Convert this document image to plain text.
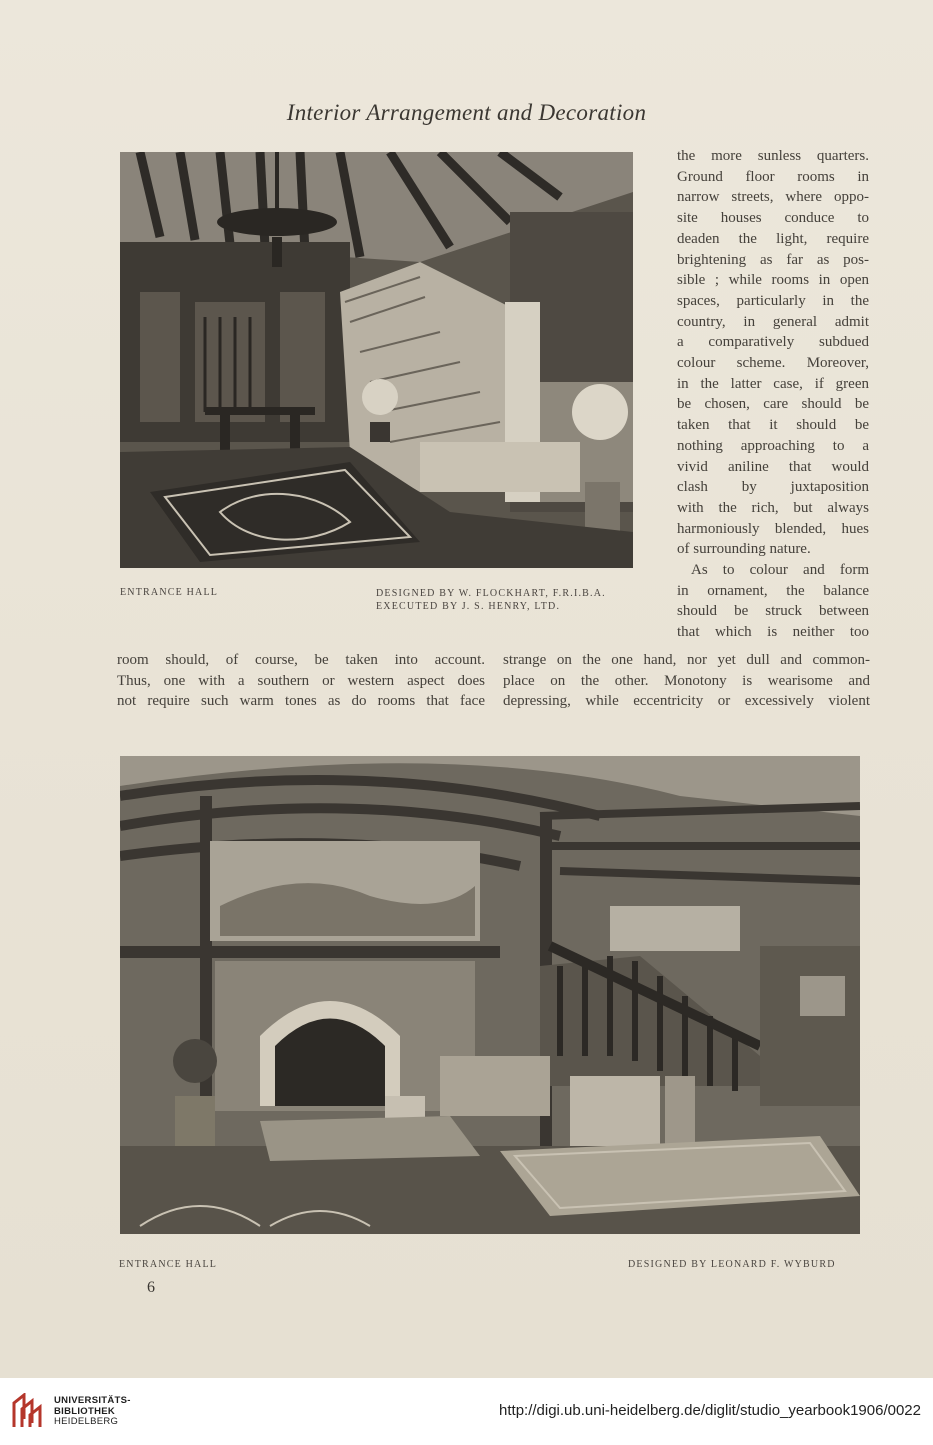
Interior Arrangement and Decoration
ENTRANCE HALL	DESIGNED BY W. FLOCKHART, F.R.I.B.A.
EXECUTED BY J. S. HENRY, LTD.

the more sunless quarters.

Ground floor rooms in

narrow streets, where oppo-

site houses conduce to

deaden the light, require

brightening as far as pos-

sible ; while rooms in open

spaces, particularly in the

country, in general admit

a comparatively subdued

colour scheme. Moreover,

in the latter case, if green

be chosen, care should be

taken that it should be

nothing approaching to a

vivid aniline that would

clash by juxtaposition

with the rich, but always

harmoniously blended, hues

of surrounding nature.

As to colour and form

in ornament, the balance

should be struck between

that which is neither too

room should, of course, be taken into account.

Thus, one with a southern or western aspect does

not require such warm tones as do rooms that face

strange on the one hand, nor yet dull and common-

place on the other. Monotony is wearisome and

depressing, while eccentricity or excessively violent

ENTRANCE HALL	DESIGNED BY LEONARD F. WYBURD
6
UNIVERSITÄTS-
BIBLIOTHEK
HEIDELBERG
http://digi.ub.uni-heidelberg.de/diglit/studio_yearbook1906/0022
